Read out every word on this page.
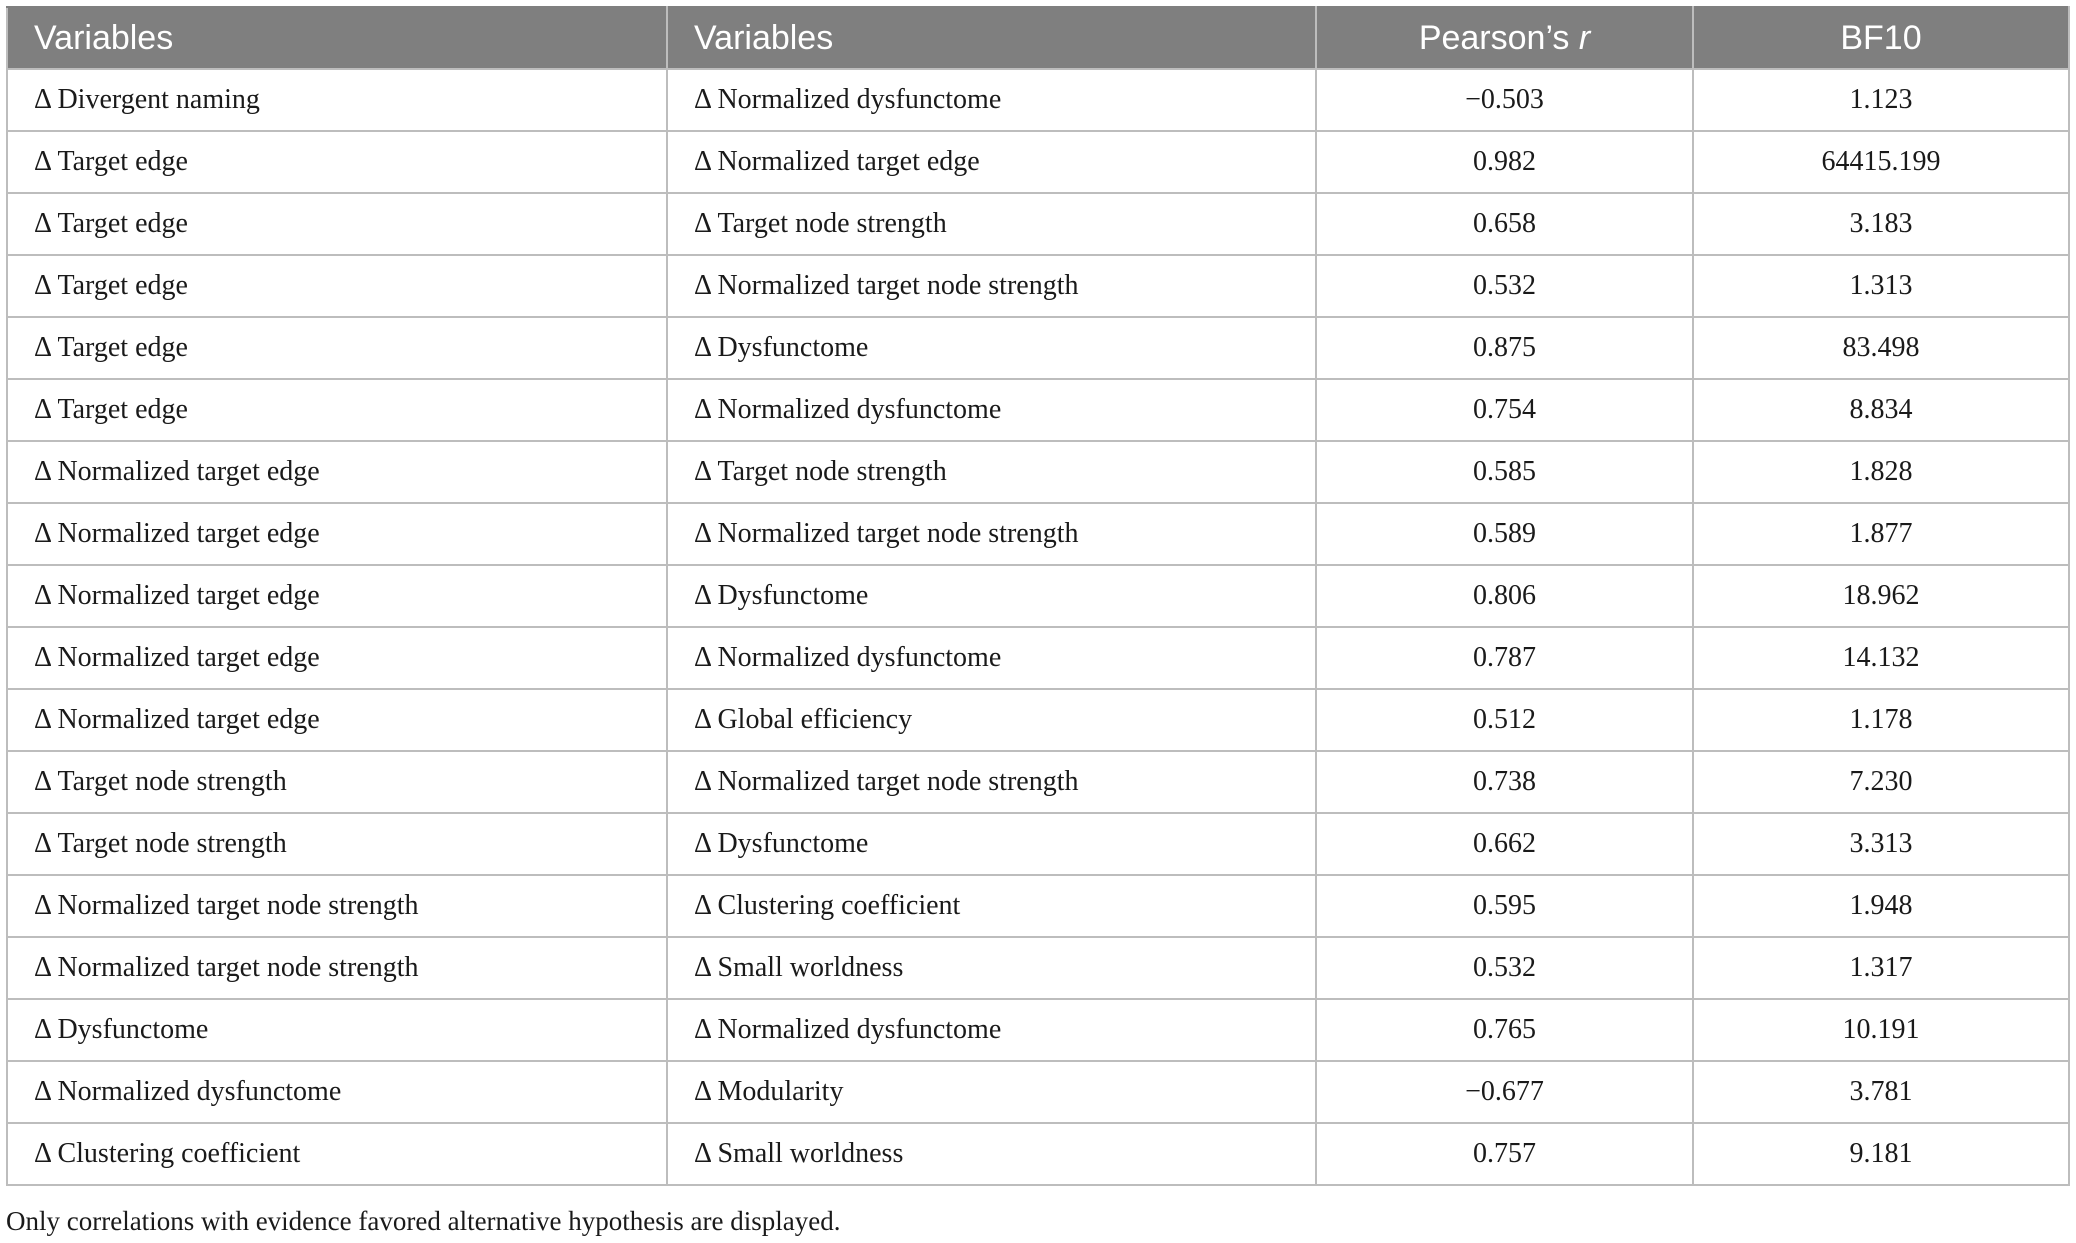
Variables	Variables	Pearson’s r	BF10
Δ Divergent naming	Δ Normalized dysfunctome	−0.503	1.123
Δ Target edge	Δ Normalized target edge	0.982	64415.199
Δ Target edge	Δ Target node strength	0.658	3.183
Δ Target edge	Δ Normalized target node strength	0.532	1.313
Δ Target edge	Δ Dysfunctome	0.875	83.498
Δ Target edge	Δ Normalized dysfunctome	0.754	8.834
Δ Normalized target edge	Δ Target node strength	0.585	1.828
Δ Normalized target edge	Δ Normalized target node strength	0.589	1.877
Δ Normalized target edge	Δ Dysfunctome	0.806	18.962
Δ Normalized target edge	Δ Normalized dysfunctome	0.787	14.132
Δ Normalized target edge	Δ Global efficiency	0.512	1.178
Δ Target node strength	Δ Normalized target node strength	0.738	7.230
Δ Target node strength	Δ Dysfunctome	0.662	3.313
Δ Normalized target node strength	Δ Clustering coefficient	0.595	1.948
Δ Normalized target node strength	Δ Small worldness	0.532	1.317
Δ Dysfunctome	Δ Normalized dysfunctome	0.765	10.191
Δ Normalized dysfunctome	Δ Modularity	−0.677	3.781
Δ Clustering coefficient	Δ Small worldness	0.757	9.181
Only correlations with evidence favored alternative hypothesis are displayed.
